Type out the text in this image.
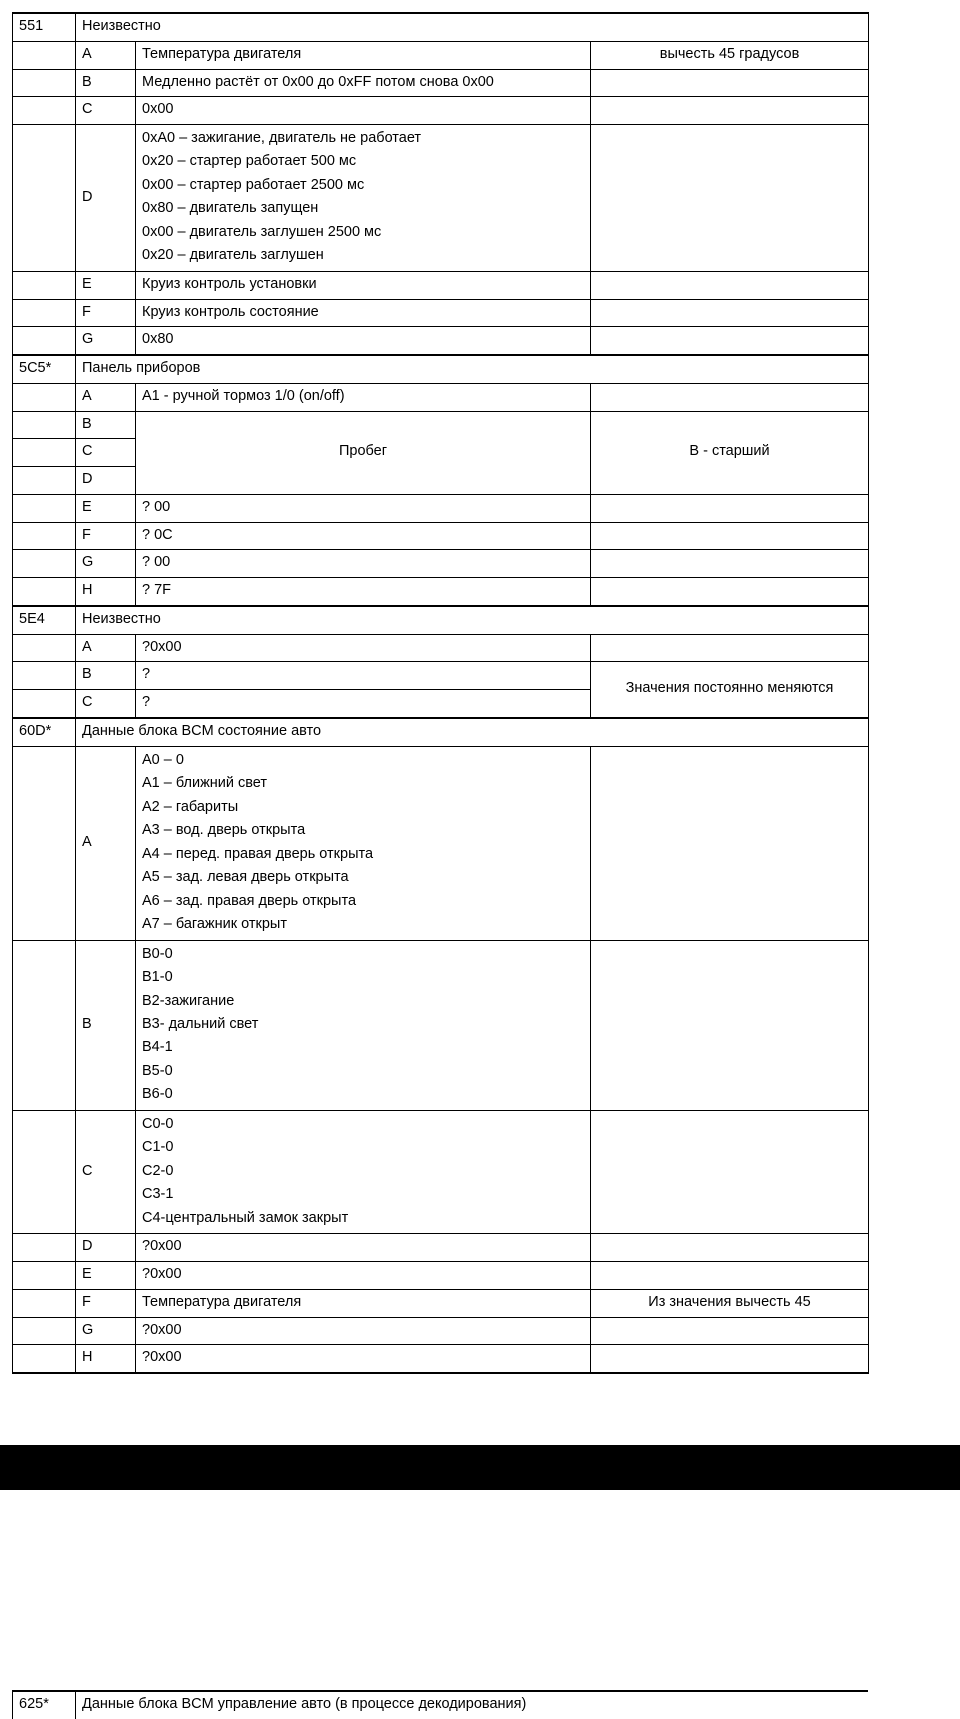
551	Неизвестно		
	A	Температура двигателя	вычесть 45 градусов
	B	Медленно растёт от 0x00 до 0xFF потом снова 0x00	
	C	0x00	
	D	
0xA0 – зажигание, двигатель не работает
0x20 – стартер работает 500 мс
0x00 – стартер работает 2500 мс
0x80 – двигатель запущен
0x00 – двигатель заглушен 2500 мс
0x20 – двигатель заглушен

	E	Круиз контроль установки	
	F	Круиз контроль состояние	
	G	0x80	
5C5*	Панель приборов		
	A	A1 - ручной тормоз 1/0 (on/off)	
	B	Пробег	B - старший
	C		
	D		
	E	? 00	
	F	? 0C	
	G	? 00	
	H	? 7F	
5E4	Неизвестно		
	A	?0x00	
	B	?	Значения постоянно меняются
	C	?	
60D*	Данные блока BCM состояние авто		
	A	
A0 – 0
A1 – ближний свет
A2 – габариты
A3 – вод. дверь открыта
A4 – перед. правая дверь открыта
A5 – зад. левая дверь открыта
A6 – зад. правая дверь открыта
A7 – багажник открыт

	B	
B0-0
B1-0
B2-зажигание
B3- дальний свет
B4-1
B5-0
B6-0

	C	C0-0
C1-0
C2-0
C3-1
C4-центральный замок закрыт	

	D	?0x00	
	E	?0x00	
	F	Температура двигателя	Из значения вычесть 45
	G	?0x00	
	H	?0x00	
625*	Данные блока BCM управление авто (в процессе декодирования)
